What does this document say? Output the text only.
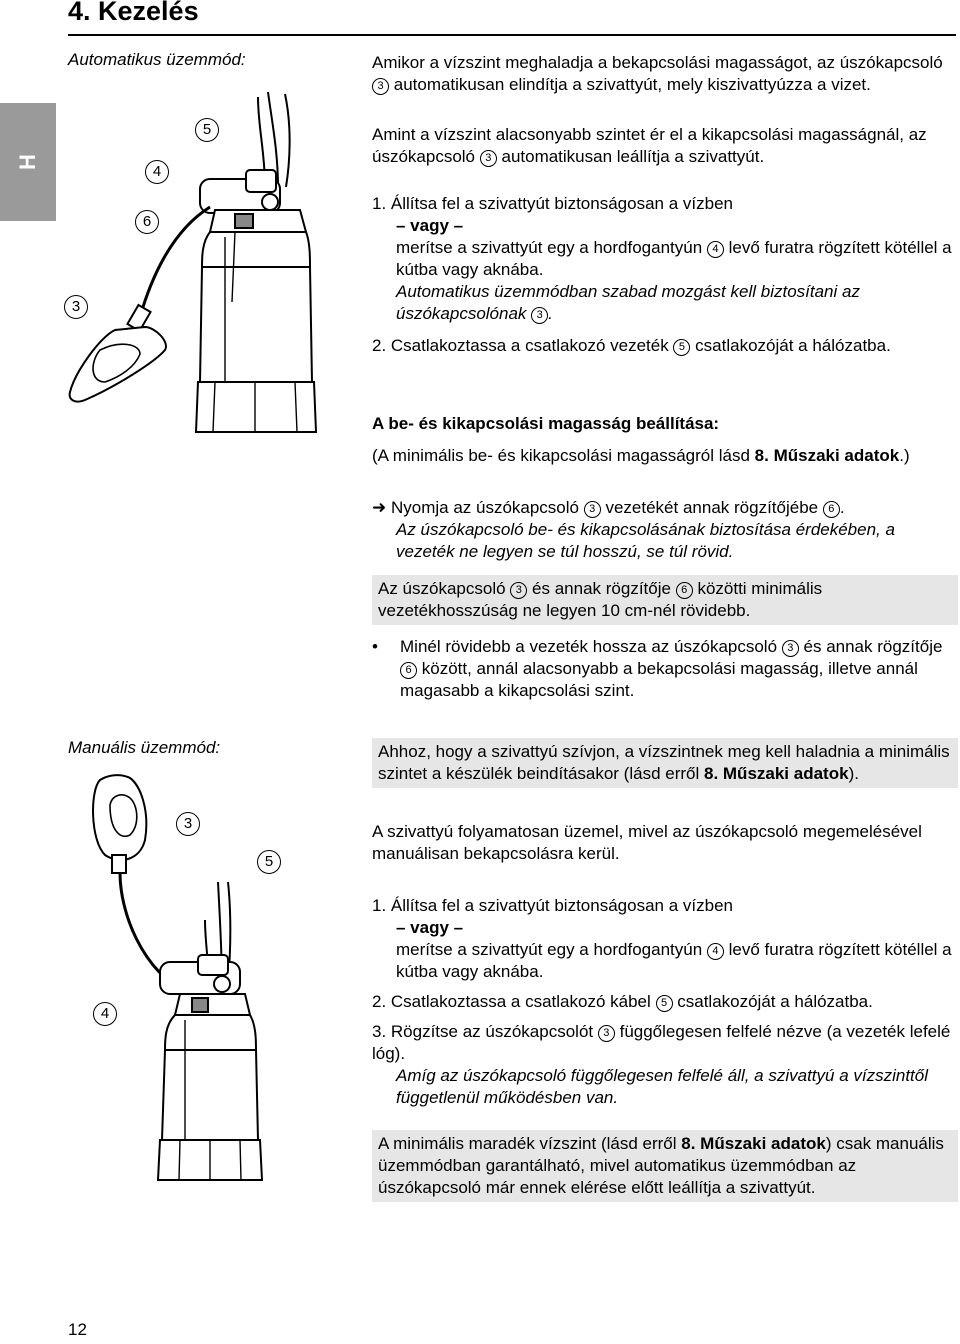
4. Kezelés
H
Automatikus üzemmód:
5
4
6
3
Amikor a vízszint meghaladja a bekapcsolási magasságot, az úszókapcsoló 3 automatikusan elindítja a szivattyút, mely kiszivattyúzza a vizet.
Amint a vízszint alacsonyabb szintet ér el a kikapcsolási magasságnál, az úszókapcsoló 3 automatikusan leállítja a szivattyút.

1. Állítsa fel a szivattyút biztonságosan a vízben

– vagy –

merítse a szivattyút egy a hordfogantyún 4 levő furatra rögzített kötéllel a kútba vagy aknába.

Automatikus üzemmódban szabad mozgást kell biztosítani az úszókapcsolónak 3 .

2. Csatlakoztassa a csatlakozó vezeték 5 csatlakozóját a hálózatba.
A be- és kikapcsolási magasság beállítása:
(A minimális be- és kikapcsolási magasságról lásd 8. Műszaki adatok.)

➜ Nyomja az úszókapcsoló 3 vezetékét annak rögzítőjébe 6 .

Az úszókapcsoló be- és kikapcsolásának biztosítása érdekében, a vezeték ne legyen se túl hosszú, se túl rövid.

Az úszókapcsoló 3 és annak rögzítője 6 közötti minimális vezetékhosszúság ne legyen 10 cm-nél rövidebb.
•	Minél rövidebb a vezeték hossza az úszókapcsoló 3 és annak rögzítője 6 között, annál alacsonyabb a bekapcsolási magasság, illetve annál magasabb a kikapcsolási szint.
Manuális üzemmód:
3
5
4
Ahhoz, hogy a szivattyú szívjon, a vízszintnek meg kell haladnia a minimális szintet a készülék beindításakor (lásd erről 8. Műszaki adatok).
A szivattyú folyamatosan üzemel, mivel az úszókapcsoló megemelésével manuálisan bekapcsolásra kerül.

1. Állítsa fel a szivattyút biztonságosan a vízben

– vagy –

merítse a szivattyút egy a hordfogantyún 4 levő furatra rögzített kötéllel a kútba vagy aknába.

2. Csatlakoztassa a csatlakozó kábel 5 csatlakozóját a hálózatba.

3. Rögzítse az úszókapcsolót 3 függőlegesen felfelé nézve (a vezeték lefelé lóg).

Amíg az úszókapcsoló függőlegesen felfelé áll, a szivattyú a vízszinttől függetlenül működésben van.

A minimális maradék vízszint (lásd erről 8. Műszaki adatok) csak manuális üzemmódban garantálható, mivel automatikus üzemmódban az úszókapcsoló már ennek elérése előtt leállítja a szivattyút.
12
